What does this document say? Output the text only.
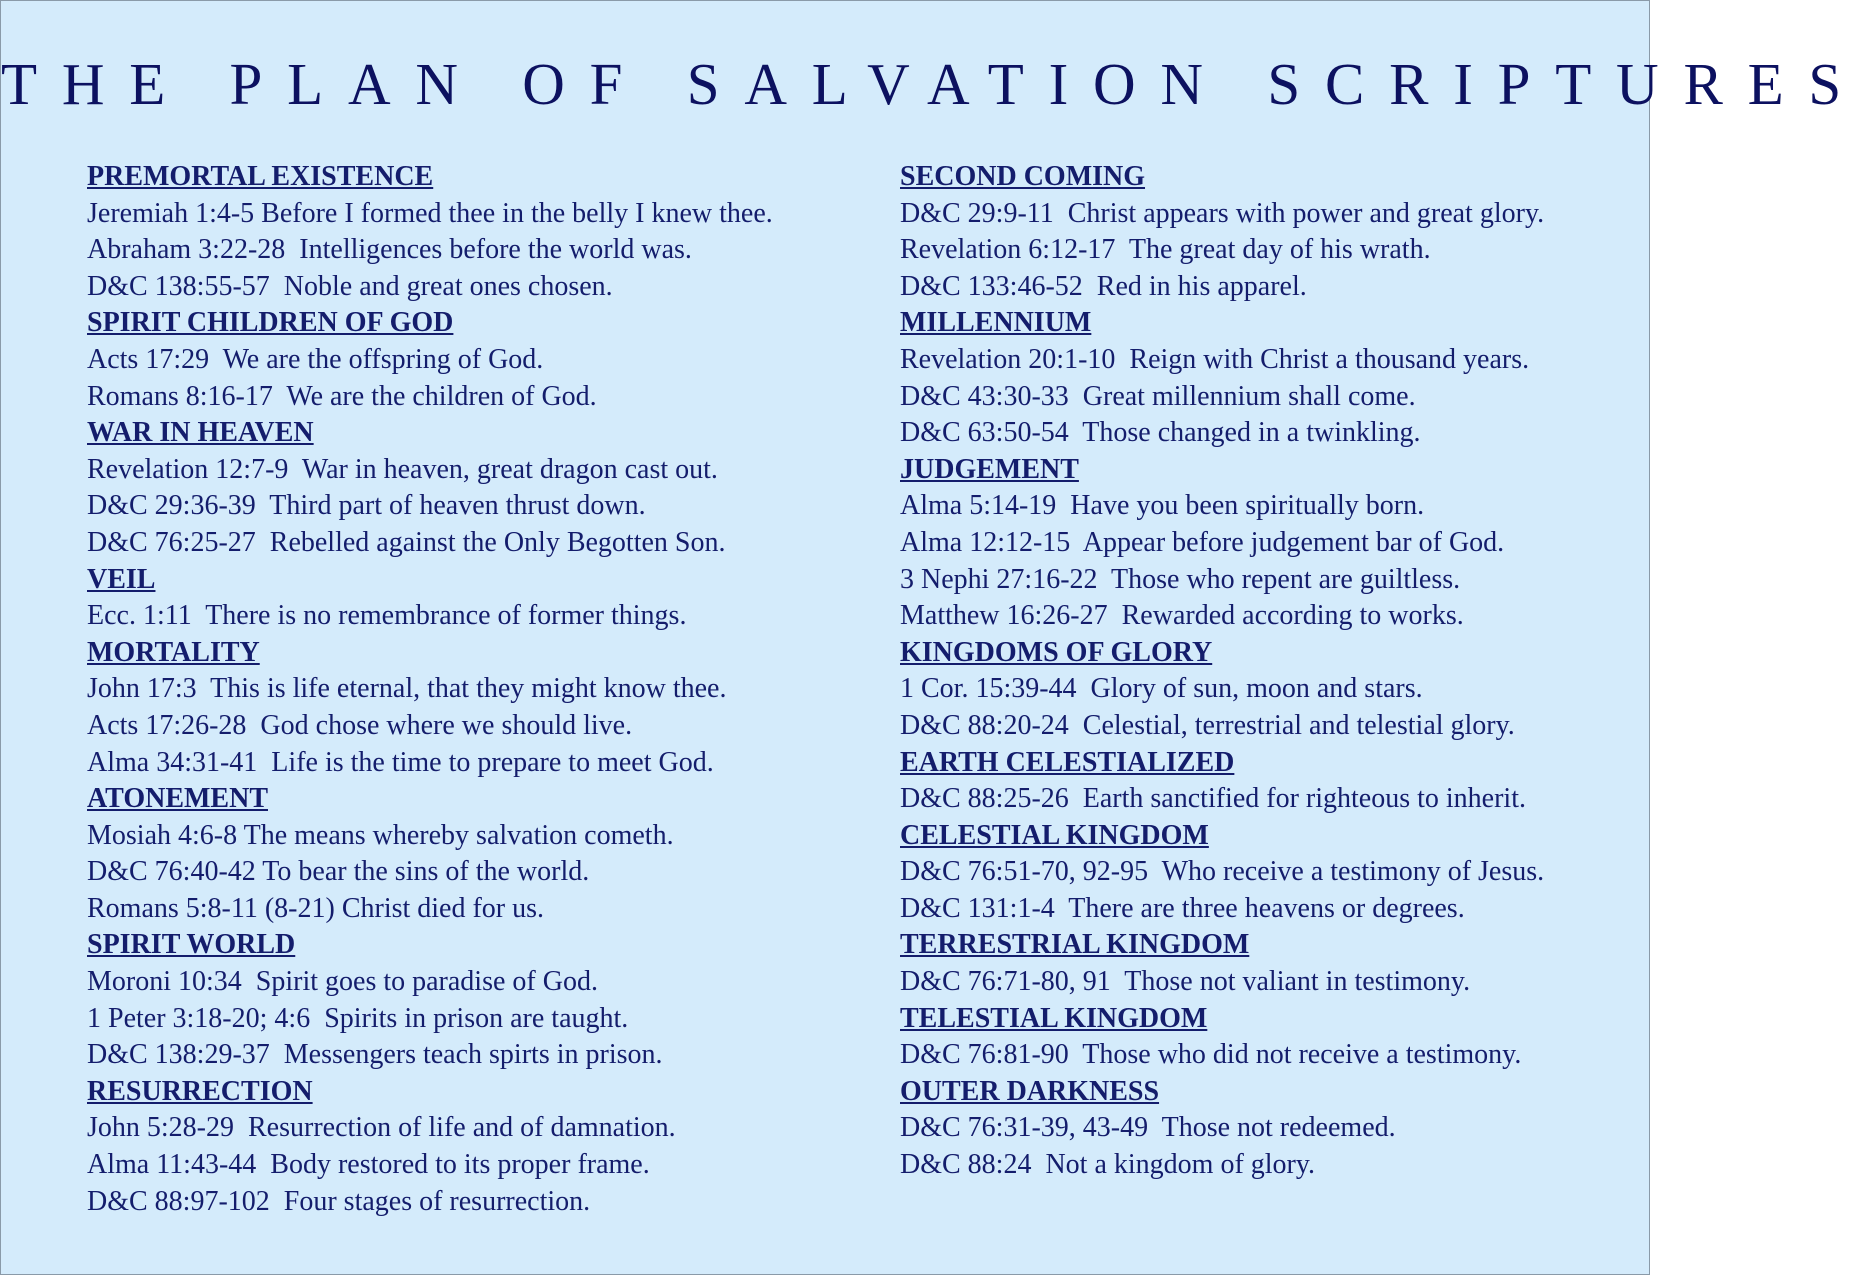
THE PLAN OF SALVATION SCRIPTURES
PREMORTAL EXISTENCE
Jeremiah 1:4-5 Before I formed thee in the belly I knew thee.
Abraham 3:22-28  Intelligences before the world was.
D&C 138:55-57  Noble and great ones chosen.
SPIRIT CHILDREN OF GOD
Acts 17:29  We are the offspring of God.
Romans 8:16-17  We are the children of God.
WAR IN HEAVEN
Revelation 12:7-9  War in heaven, great dragon cast out.
D&C 29:36-39  Third part of heaven thrust down.
D&C 76:25-27  Rebelled against the Only Begotten Son.
VEIL
Ecc. 1:11  There is no remembrance of former things.
MORTALITY
John 17:3  This is life eternal, that they might know thee.
Acts 17:26-28  God chose where we should live.
Alma 34:31-41  Life is the time to prepare to meet God.
ATONEMENT
Mosiah 4:6-8 The means whereby salvation cometh.
D&C 76:40-42 To bear the sins of the world.
Romans 5:8-11 (8-21) Christ died for us.
SPIRIT WORLD
Moroni 10:34  Spirit goes to paradise of God.
1 Peter 3:18-20; 4:6  Spirits in prison are taught.
D&C 138:29-37  Messengers teach spirts in prison.
RESURRECTION
John 5:28-29  Resurrection of life and of damnation.
Alma 11:43-44  Body restored to its proper frame.
D&C 88:97-102  Four stages of resurrection.
SECOND COMING
D&C 29:9-11  Christ appears with power and great glory.
Revelation 6:12-17  The great day of his wrath.
D&C 133:46-52  Red in his apparel.
MILLENNIUM
Revelation 20:1-10  Reign with Christ a thousand years.
D&C 43:30-33  Great millennium shall come.
D&C 63:50-54  Those changed in a twinkling.
JUDGEMENT
Alma 5:14-19  Have you been spiritually born.
Alma 12:12-15  Appear before judgement bar of God.
3 Nephi 27:16-22  Those who repent are guiltless.
Matthew 16:26-27  Rewarded according to works.
KINGDOMS OF GLORY
1 Cor. 15:39-44  Glory of sun, moon and stars.
D&C 88:20-24  Celestial, terrestrial and telestial glory.
EARTH CELESTIALIZED
D&C 88:25-26  Earth sanctified for righteous to inherit.
CELESTIAL KINGDOM
D&C 76:51-70, 92-95  Who receive a testimony of Jesus.
D&C 131:1-4  There are three heavens or degrees.
TERRESTRIAL KINGDOM
D&C 76:71-80, 91  Those not valiant in testimony.
TELESTIAL KINGDOM
D&C 76:81-90  Those who did not receive a testimony.
OUTER DARKNESS
D&C 76:31-39, 43-49  Those not redeemed.
D&C 88:24  Not a kingdom of glory.
